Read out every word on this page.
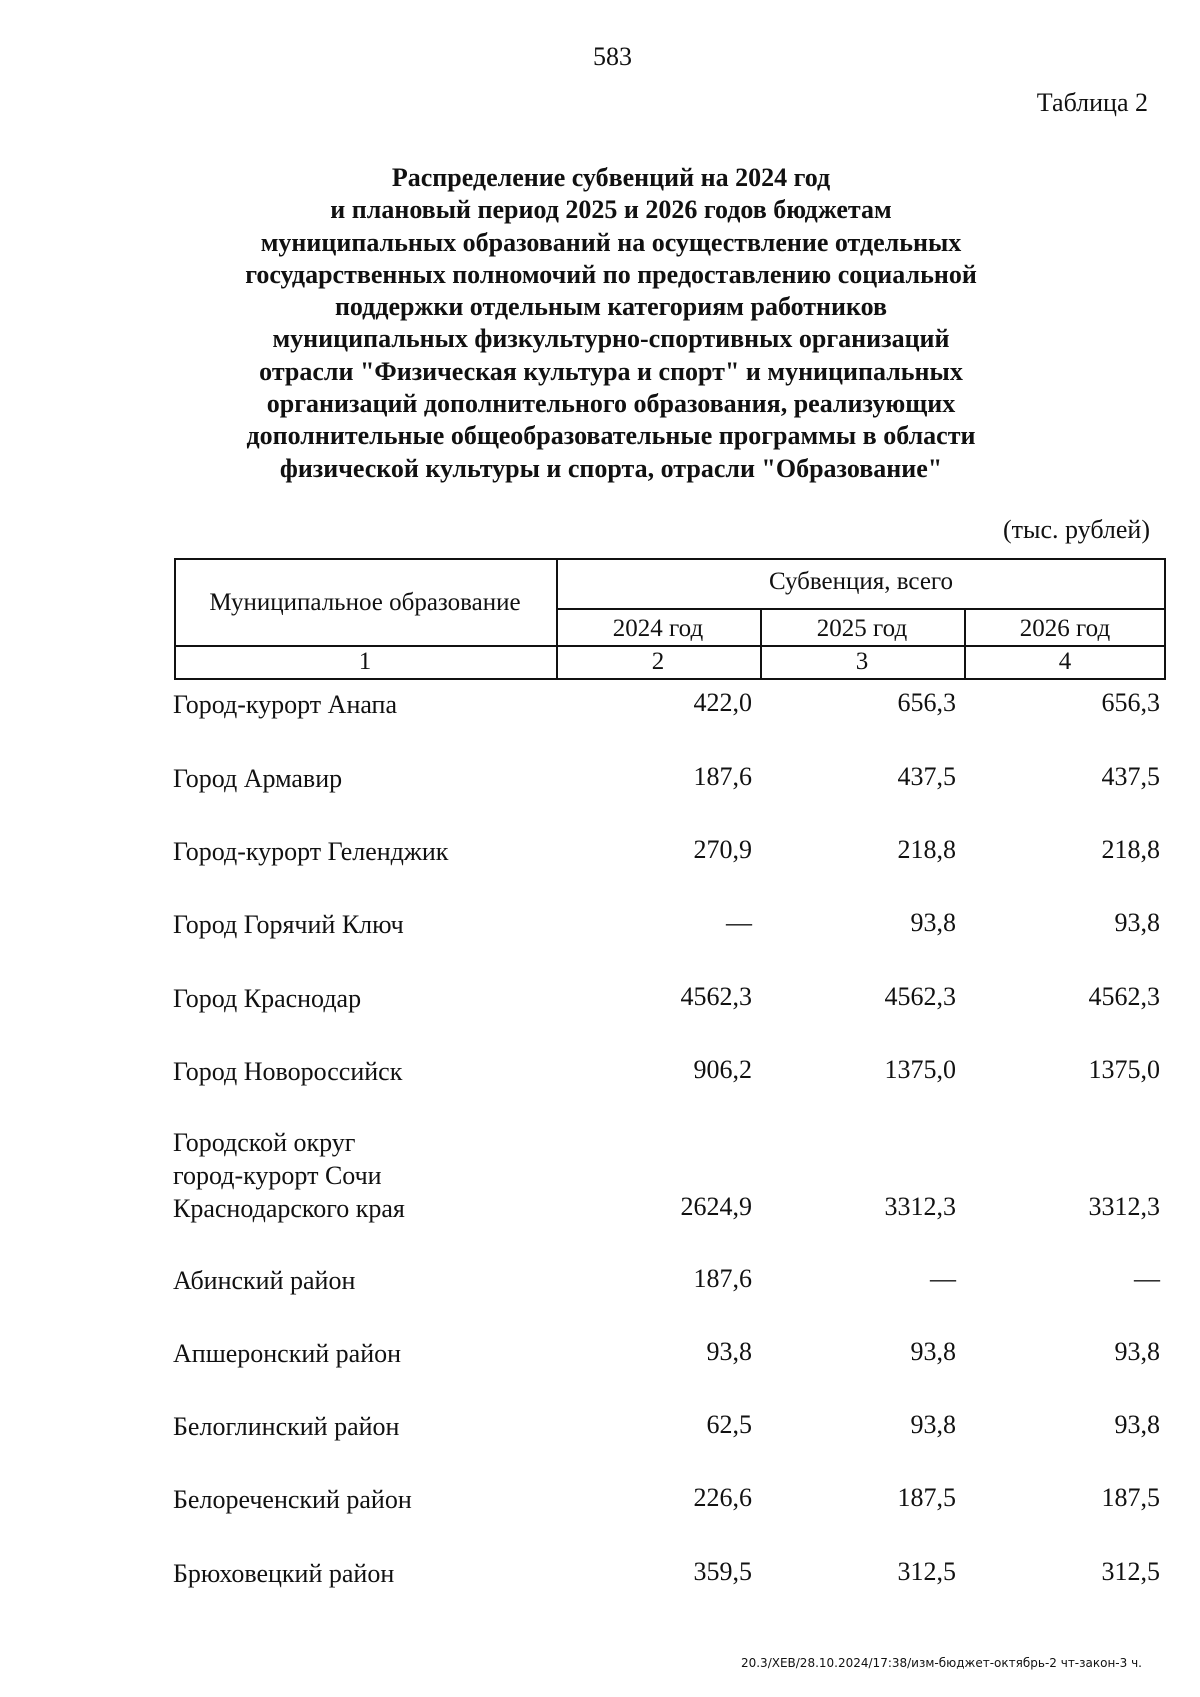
583
Таблица 2
Распределение субвенций на 2024 год
и плановый период 2025 и 2026 годов бюджетам
муниципальных образований на осуществление отдельных
государственных полномочий по предоставлению социальной
поддержки отдельным категориям работников
муниципальных физкультурно-спортивных организаций
отрасли "Физическая культура и спорт" и муниципальных
организаций дополнительного образования, реализующих
дополнительные общеобразовательные программы в области
физической культуры и спорта, отрасли "Образование"
(тыс. рублей)
Муниципальное образование
Субвенция, всего
2024 год	2025 год	2026 год
1	2	3	4
Город-курорт Анапа	422,0	656,3	656,3
Город Армавир	187,6	437,5	437,5
Город-курорт Геленджик	270,9	218,8	218,8
Город Горячий Ключ	—	93,8	93,8
Город Краснодар	4562,3	4562,3	4562,3
Город Новороссийск	906,2	1375,0	1375,0
Городской округ
город-курорт Сочи
Краснодарского края	2624,9	3312,3	3312,3
Абинский район	187,6	—	—
Апшеронский район	93,8	93,8	93,8
Белоглинский район	62,5	93,8	93,8
Белореченский район	226,6	187,5	187,5
Брюховецкий район	359,5	312,5	312,5
20.3/ХЕВ/28.10.2024/17:38/изм-бюджет-октябрь-2 чт-закон-3 ч.
